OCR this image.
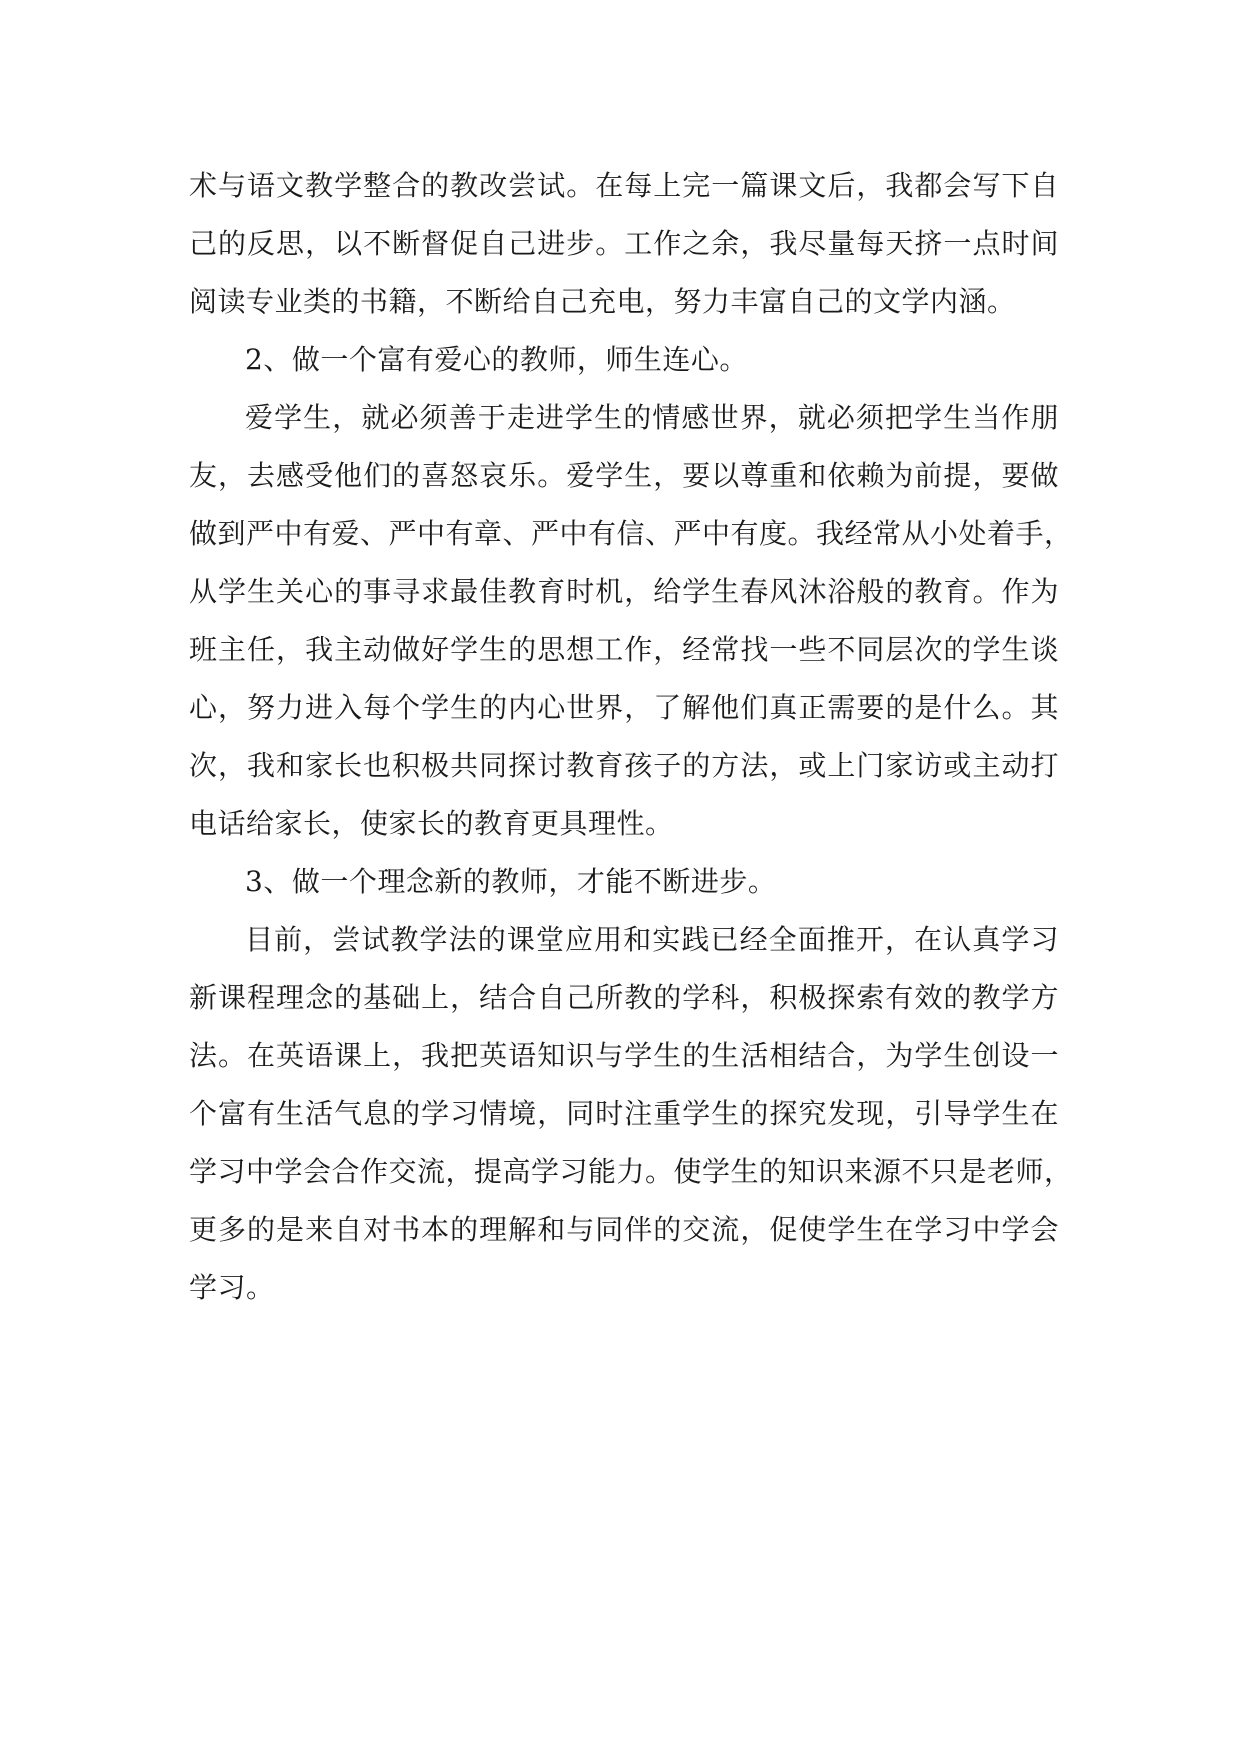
术与语文教学整合的教改尝试。在每上完一篇课文后，我都会写下自
己的反思，以不断督促自己进步。工作之余，我尽量每天挤一点时间
阅读专业类的书籍，不断给自己充电，努力丰富自己的文学内涵。
2、做一个富有爱心的教师，师生连心。
爱学生，就必须善于走进学生的情感世界，就必须把学生当作朋
友，去感受他们的喜怒哀乐。爱学生，要以尊重和依赖为前提，要做
做到严中有爱、严中有章、严中有信、严中有度。我经常从小处着手，
从学生关心的事寻求最佳教育时机，给学生春风沐浴般的教育。作为
班主任，我主动做好学生的思想工作，经常找一些不同层次的学生谈
心，努力进入每个学生的内心世界，了解他们真正需要的是什么。其
次，我和家长也积极共同探讨教育孩子的方法，或上门家访或主动打
电话给家长，使家长的教育更具理性。
3、做一个理念新的教师，才能不断进步。
目前，尝试教学法的课堂应用和实践已经全面推开，在认真学习
新课程理念的基础上，结合自己所教的学科，积极探索有效的教学方
法。在英语课上，我把英语知识与学生的生活相结合，为学生创设一
个富有生活气息的学习情境，同时注重学生的探究发现，引导学生在
学习中学会合作交流，提高学习能力。使学生的知识来源不只是老师，
更多的是来自对书本的理解和与同伴的交流，促使学生在学习中学会
学习。
